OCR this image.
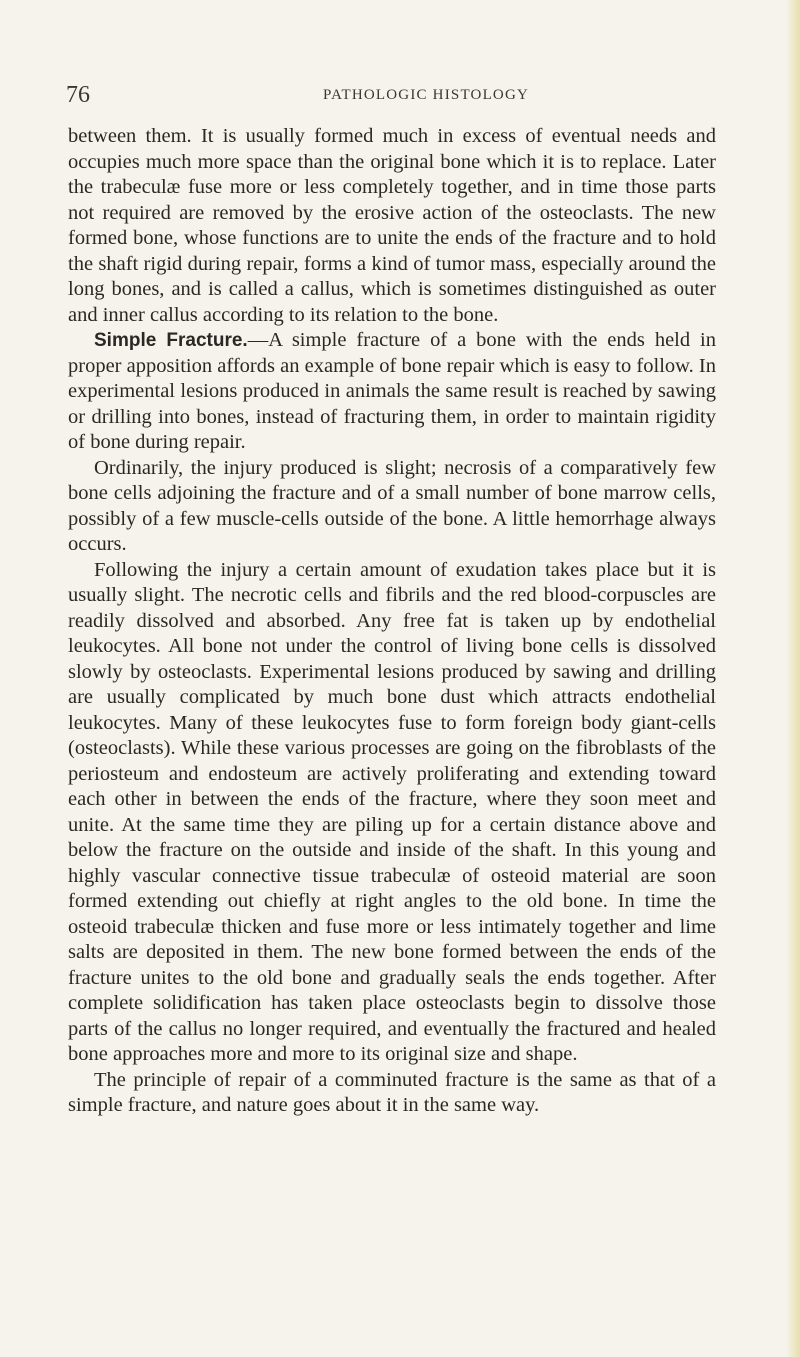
76	PATHOLOGIC HISTOLOGY

between them. It is usually formed much in excess of eventual needs and occupies much more space than the original bone which it is to replace. Later the trabeculæ fuse more or less completely together, and in time those parts not required are removed by the erosive action of the osteoclasts. The new formed bone, whose functions are to unite the ends of the fracture and to hold the shaft rigid during repair, forms a kind of tumor mass, especially around the long bones, and is called a callus, which is sometimes distinguished as outer and inner callus according to its relation to the bone.

Simple Fracture.—A simple fracture of a bone with the ends held in proper apposition affords an example of bone repair which is easy to follow. In experimental lesions produced in animals the same result is reached by sawing or drilling into bones, instead of fracturing them, in order to maintain rigidity of bone during repair.

Ordinarily, the injury produced is slight; necrosis of a comparatively few bone cells adjoining the fracture and of a small number of bone marrow cells, possibly of a few muscle-cells outside of the bone. A little hemorrhage always occurs.

Following the injury a certain amount of exudation takes place but it is usually slight. The necrotic cells and fibrils and the red blood-corpuscles are readily dissolved and absorbed. Any free fat is taken up by endothelial leukocytes. All bone not under the control of living bone cells is dissolved slowly by osteoclasts. Experimental lesions produced by sawing and drilling are usually complicated by much bone dust which attracts endothelial leukocytes. Many of these leukocytes fuse to form foreign body giant-cells (osteoclasts). While these various processes are going on the fibroblasts of the periosteum and endosteum are actively proliferating and extending toward each other in between the ends of the fracture, where they soon meet and unite. At the same time they are piling up for a certain distance above and below the fracture on the outside and inside of the shaft. In this young and highly vascular connective tissue trabeculæ of osteoid material are soon formed extending out chiefly at right angles to the old bone. In time the osteoid trabeculæ thicken and fuse more or less intimately together and lime salts are deposited in them. The new bone formed between the ends of the fracture unites to the old bone and gradually seals the ends together. After complete solidification has taken place osteoclasts begin to dissolve those parts of the callus no longer required, and eventually the fractured and healed bone approaches more and more to its original size and shape.

The principle of repair of a comminuted fracture is the same as that of a simple fracture, and nature goes about it in the same way.
